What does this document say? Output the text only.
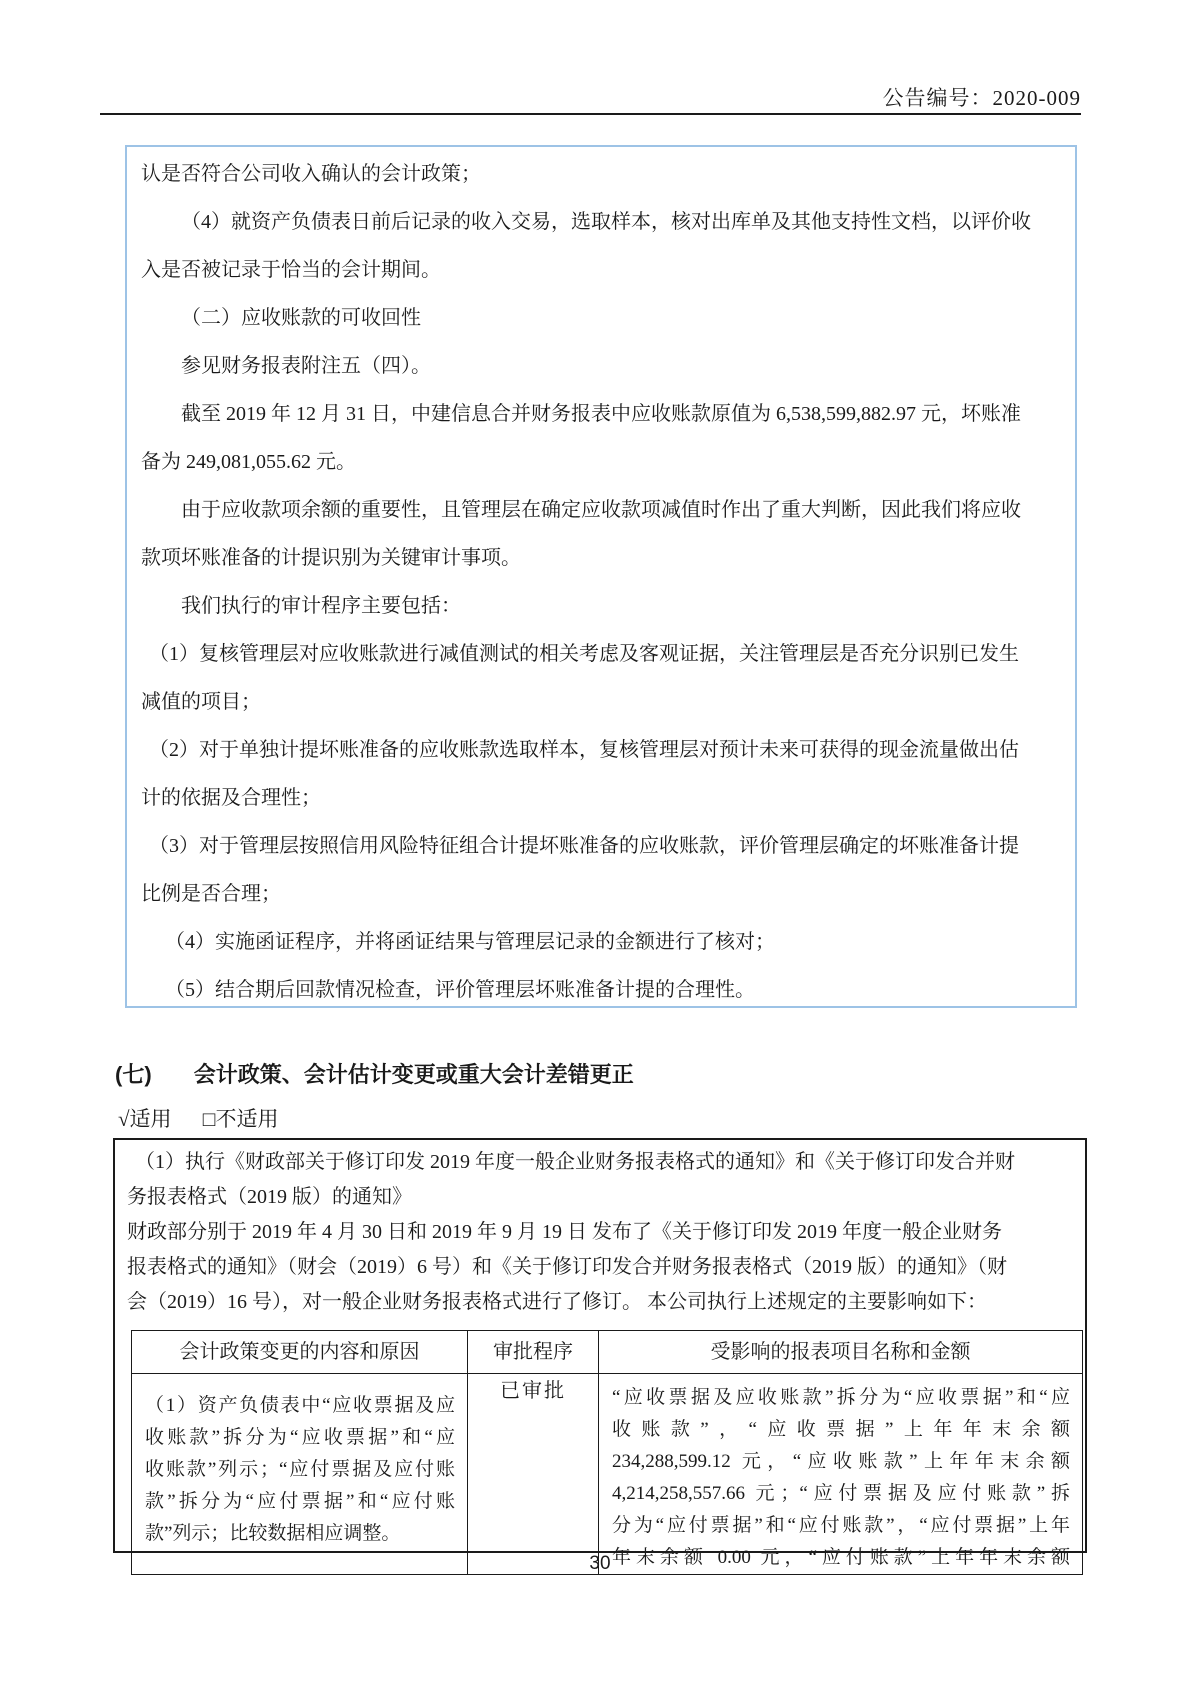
公告编号：2020-009
认是否符合公司收入确认的会计政策；
（4）就资产负债表日前后记录的收入交易，选取样本，核对出库单及其他支持性文档，以评价收
入是否被记录于恰当的会计期间。
（二）应收账款的可收回性
参见财务报表附注五（四）。
截至 2019 年 12 月 31 日，中建信息合并财务报表中应收账款原值为 6,538,599,882.97 元，坏账准
备为 249,081,055.62 元。
由于应收款项余额的重要性，且管理层在确定应收款项减值时作出了重大判断，因此我们将应收
款项坏账准备的计提识别为关键审计事项。
我们执行的审计程序主要包括：
（1）复核管理层对应收账款进行减值测试的相关考虑及客观证据，关注管理层是否充分识别已发生
减值的项目；
（2）对于单独计提坏账准备的应收账款选取样本，复核管理层对预计未来可获得的现金流量做出估
计的依据及合理性；
（3）对于管理层按照信用风险特征组合计提坏账准备的应收账款，评价管理层确定的坏账准备计提
比例是否合理；
（4）实施函证程序，并将函证结果与管理层记录的金额进行了核对；
（5）结合期后回款情况检查，评价管理层坏账准备计提的合理性。
(七) 会计政策、会计估计变更或重大会计差错更正
√适用 □不适用
（1）执行《财政部关于修订印发 2019 年度一般企业财务报表格式的通知》和《关于修订印发合并财
务报表格式（2019 版）的通知》
财政部分别于 2019 年 4 月 30 日和 2019 年 9 月 19 日 发布了《关于修订印发 2019 年度一般企业财务
报表格式的通知》（财会（2019）6 号）和《关于修订印发合并财务报表格式（2019 版）的通知》（财
会（2019）16 号），对一般企业财务报表格式进行了修订。 本公司执行上述规定的主要影响如下：
会计政策变更的内容和原因	审批程序	受影响的报表项目名称和金额

（1）资产负债表中“应收票据及应
收账款”拆分为“应收票据”和“应
收账款”列示；“应付票据及应付账
款”拆分为“应付票据”和“应付账
款”列示；比较数据相应调整。
	已审批	“应收票据及应收账款”拆分为“应收票据”和“应
收账款”，“应收票据”上年年末余额
234,288,599.12 元，“应收账款”上年年末余额
4,214,258,557.66 元；“应付票据及应付账款”拆
分为“应付票据”和“应付账款”，“应付票据”上年
年末余额 0.00 元，“应付账款”上年年末余额
30
